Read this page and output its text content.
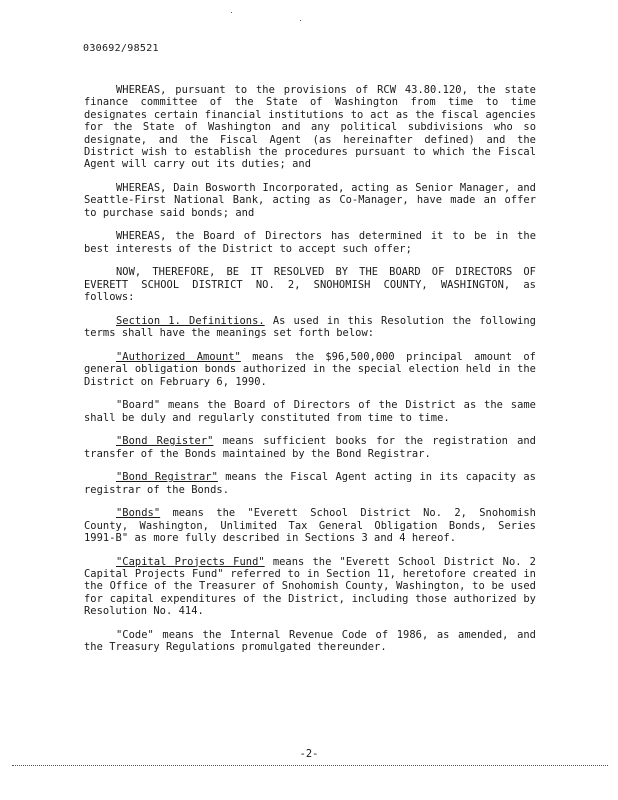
030692/98521

WHEREAS, pursuant to the provisions of RCW 43.80.120, the state finance committee of the State of Washington from time to time designates certain financial institutions to act as the fiscal agencies for the State of Washington and any political subdivisions who so designate, and the Fiscal Agent (as hereinafter defined) and the District wish to establish the procedures pursuant to which the Fiscal Agent will carry out its duties; and

WHEREAS, Dain Bosworth Incorporated, acting as Senior Manager, and Seattle-First National Bank, acting as Co-Manager, have made an offer to purchase said bonds; and

WHEREAS, the Board of Directors has determined it to be in the best interests of the District to accept such offer;

NOW, THEREFORE, BE IT RESOLVED BY THE BOARD OF DIRECTORS OF EVERETT SCHOOL DISTRICT NO. 2, SNOHOMISH COUNTY, WASHINGTON, as follows:

Section 1. Definitions. As used in this Resolution the following terms shall have the meanings set forth below:

"Authorized Amount" means the $96,500,000 principal amount of general obligation bonds authorized in the special election held in the District on February 6, 1990.

"Board" means the Board of Directors of the District as the same shall be duly and regularly constituted from time to time.

"Bond Register" means sufficient books for the registration and transfer of the Bonds maintained by the Bond Registrar.

"Bond Registrar" means the Fiscal Agent acting in its capacity as registrar of the Bonds.

"Bonds" means the "Everett School District No. 2, Snohomish County, Washington, Unlimited Tax General Obligation Bonds, Series 1991-B" as more fully described in Sections 3 and 4 hereof.

"Capital Projects Fund" means the "Everett School District No. 2 Capital Projects Fund" referred to in Section 11, heretofore created in the Office of the Treasurer of Snohomish County, Washington, to be used for capital expenditures of the District, including those authorized by Resolution No. 414.

"Code" means the Internal Revenue Code of 1986, as amended, and the Treasury Regulations promulgated thereunder.

-2-
